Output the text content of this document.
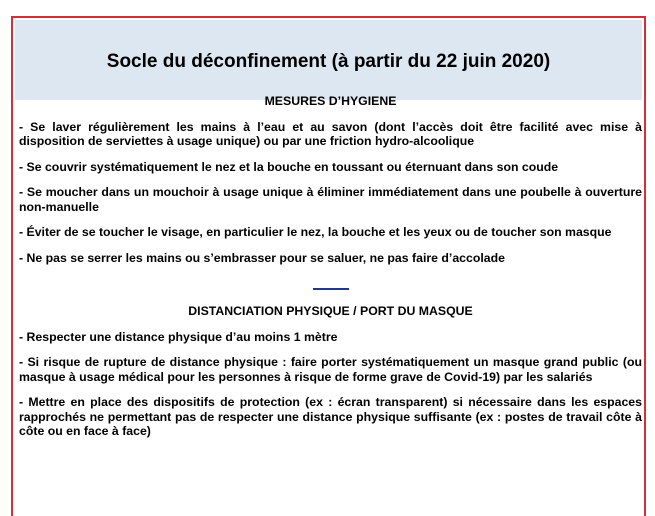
Socle du déconfinement (à partir du 22 juin 2020)
MESURES D’HYGIENE
- Se laver régulièrement les mains à l’eau et au savon (dont l’accès doit être facilité avec mise à disposition de serviettes à usage unique) ou par une friction hydro-alcoolique
- Se couvrir systématiquement le nez et la bouche en toussant ou éternuant dans son coude
- Se moucher dans un mouchoir à usage unique à éliminer immédiatement dans une poubelle à ouverture non-manuelle
- Éviter de se toucher le visage, en particulier le nez, la bouche et les yeux ou de toucher son masque
- Ne pas se serrer les mains ou s’embrasser pour se saluer, ne pas faire d’accolade
DISTANCIATION PHYSIQUE / PORT DU MASQUE
- Respecter une distance physique d’au moins 1 mètre
- Si risque de rupture de distance physique : faire porter systématiquement un masque grand public (ou masque à usage médical pour les personnes à risque de forme grave de Covid-19) par les salariés
- Mettre en place des dispositifs de protection (ex : écran transparent) si nécessaire dans les espaces rapprochés ne permettant pas de respecter une distance physique suffisante (ex : postes de travail côte à côte ou en face à face)
